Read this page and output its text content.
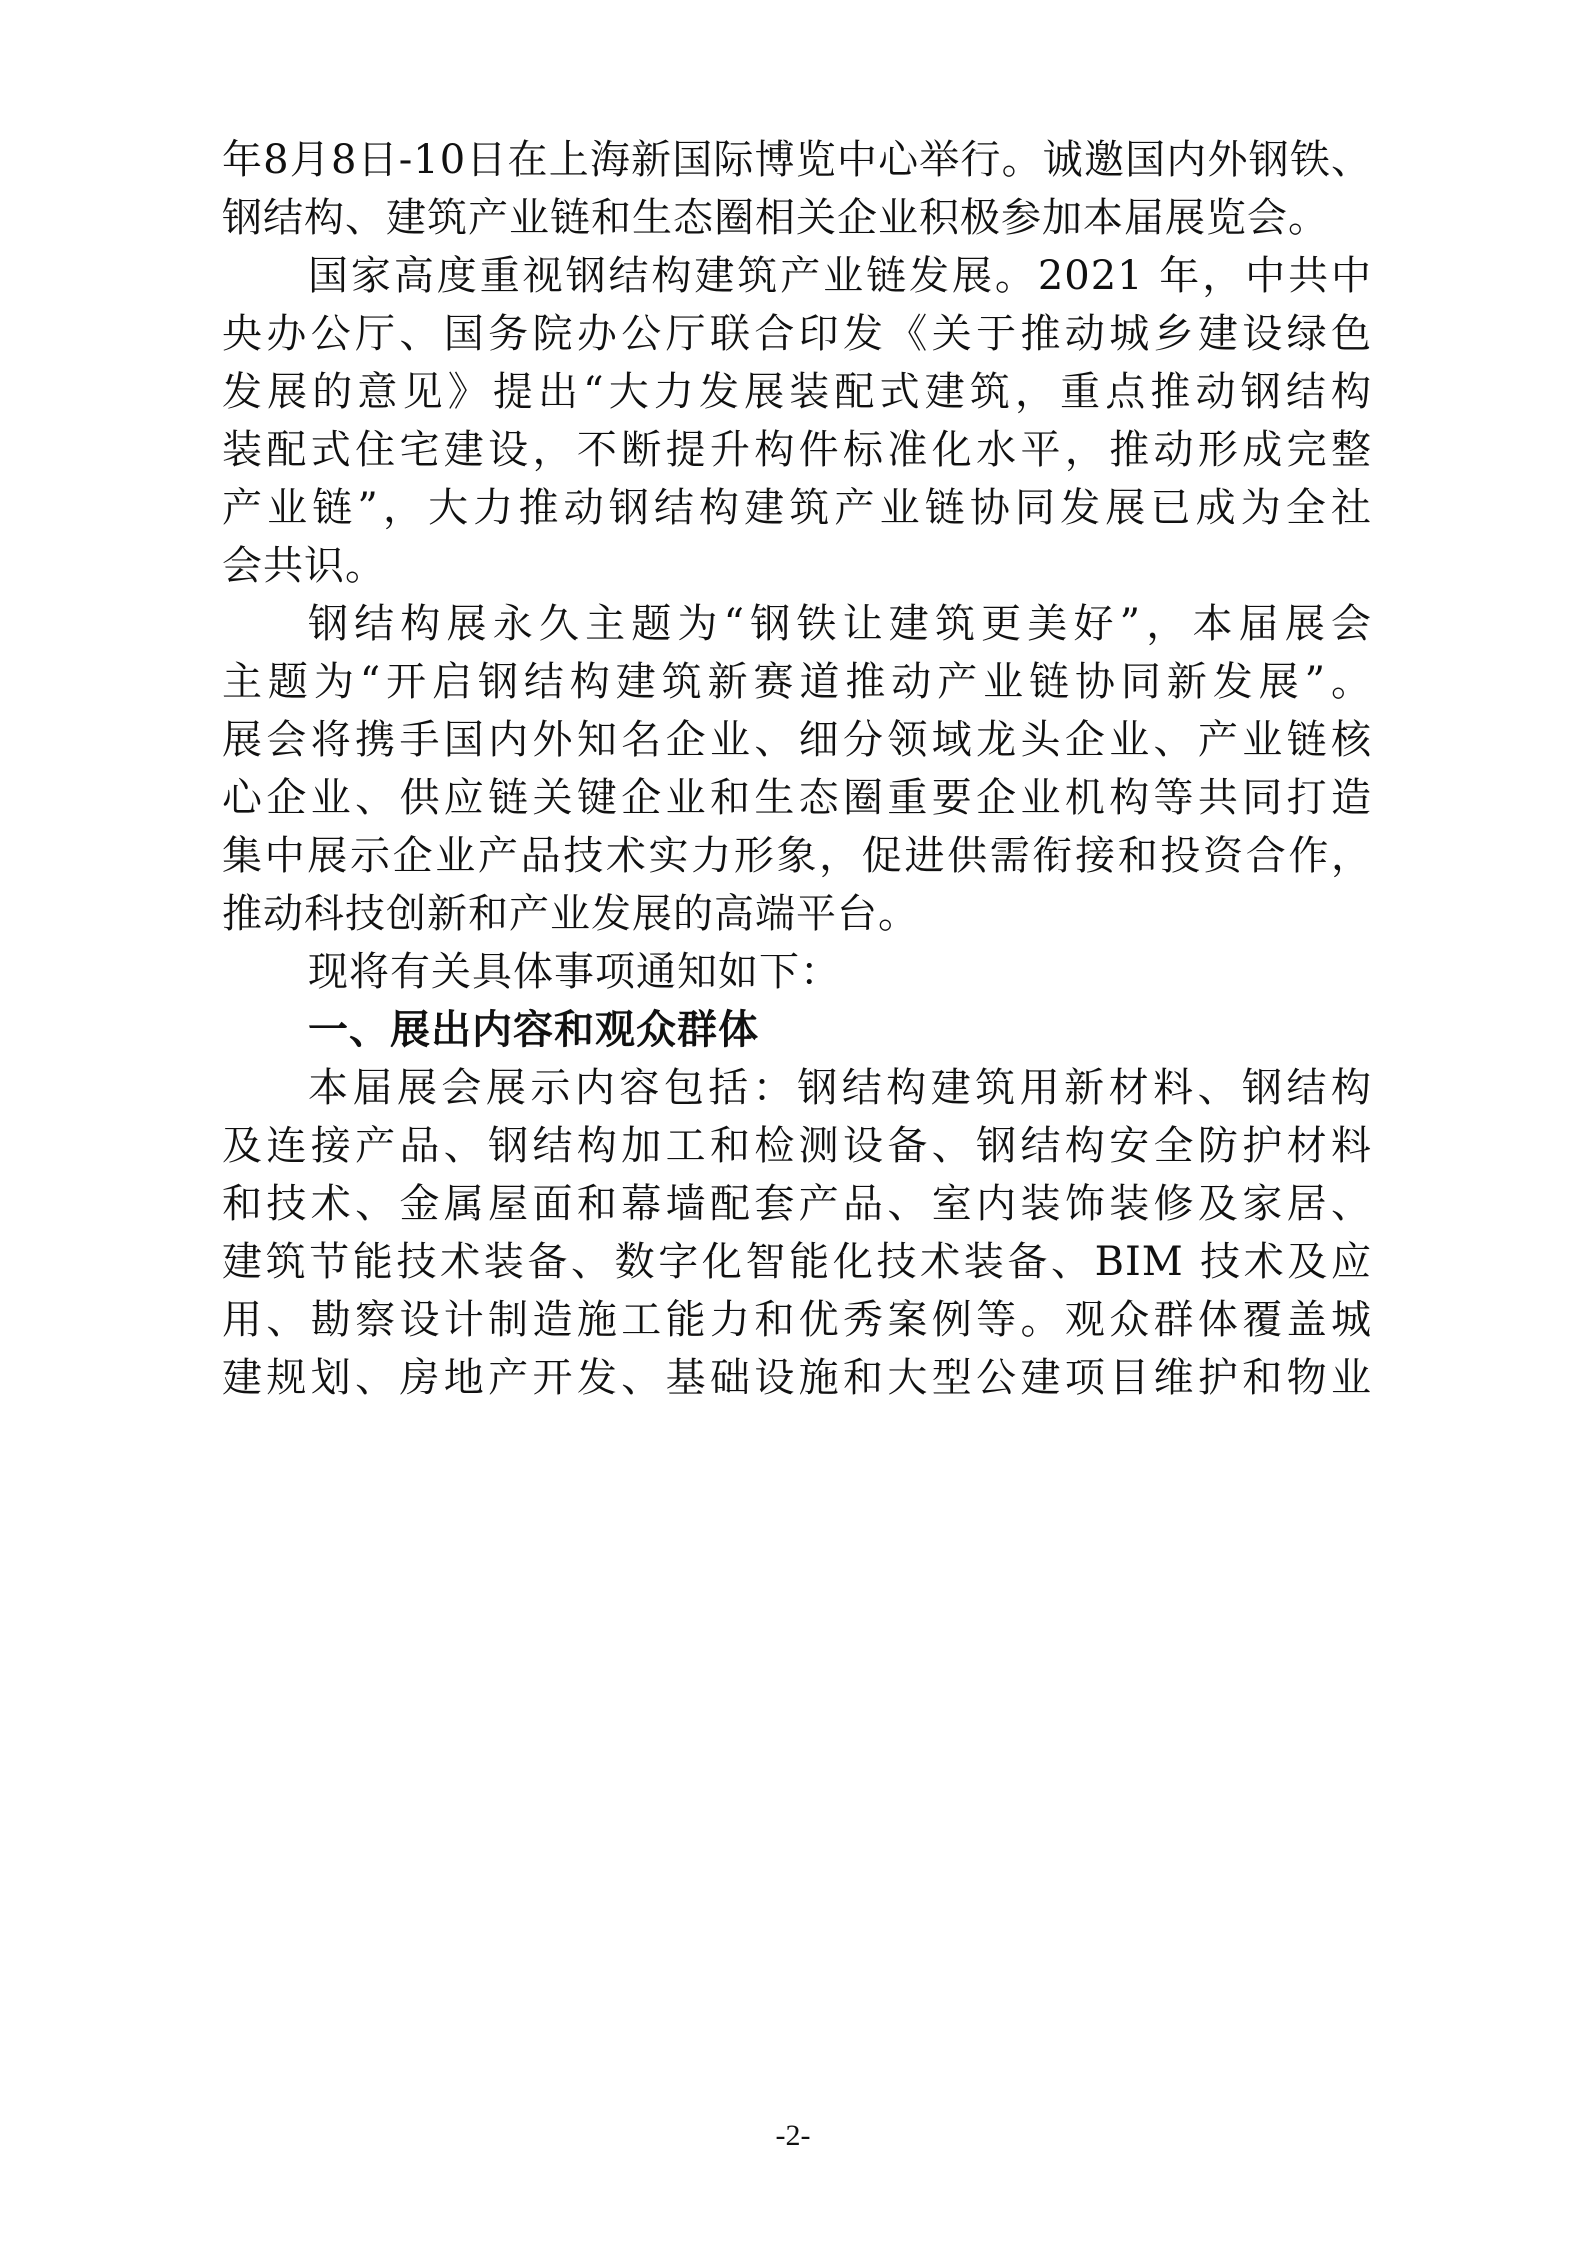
年8月8日-10日在上海新国际博览中心举行。诚邀国内外钢铁、
钢结构、建筑产业链和生态圈相关企业积极参加本届展览会。
国家高度重视钢结构建筑产业链发展。2021 年，中共中
央办公厅、国务院办公厅联合印发《关于推动城乡建设绿色
发展的意见》提出“大力发展装配式建筑，重点推动钢结构
装配式住宅建设，不断提升构件标准化水平，推动形成完整
产业链”，大力推动钢结构建筑产业链协同发展已成为全社
会共识。
钢结构展永久主题为“钢铁让建筑更美好”，本届展会
主题为“开启钢结构建筑新赛道推动产业链协同新发展”。
展会将携手国内外知名企业、细分领域龙头企业、产业链核
心企业、供应链关键企业和生态圈重要企业机构等共同打造
集中展示企业产品技术实力形象，促进供需衔接和投资合作，
推动科技创新和产业发展的高端平台。
现将有关具体事项通知如下：
一、展出内容和观众群体
本届展会展示内容包括：钢结构建筑用新材料、钢结构
及连接产品、钢结构加工和检测设备、钢结构安全防护材料
和技术、金属屋面和幕墙配套产品、室内装饰装修及家居、
建筑节能技术装备、数字化智能化技术装备、BIM 技术及应
用、勘察设计制造施工能力和优秀案例等。观众群体覆盖城
建规划、房地产开发、基础设施和大型公建项目维护和物业
-2-
